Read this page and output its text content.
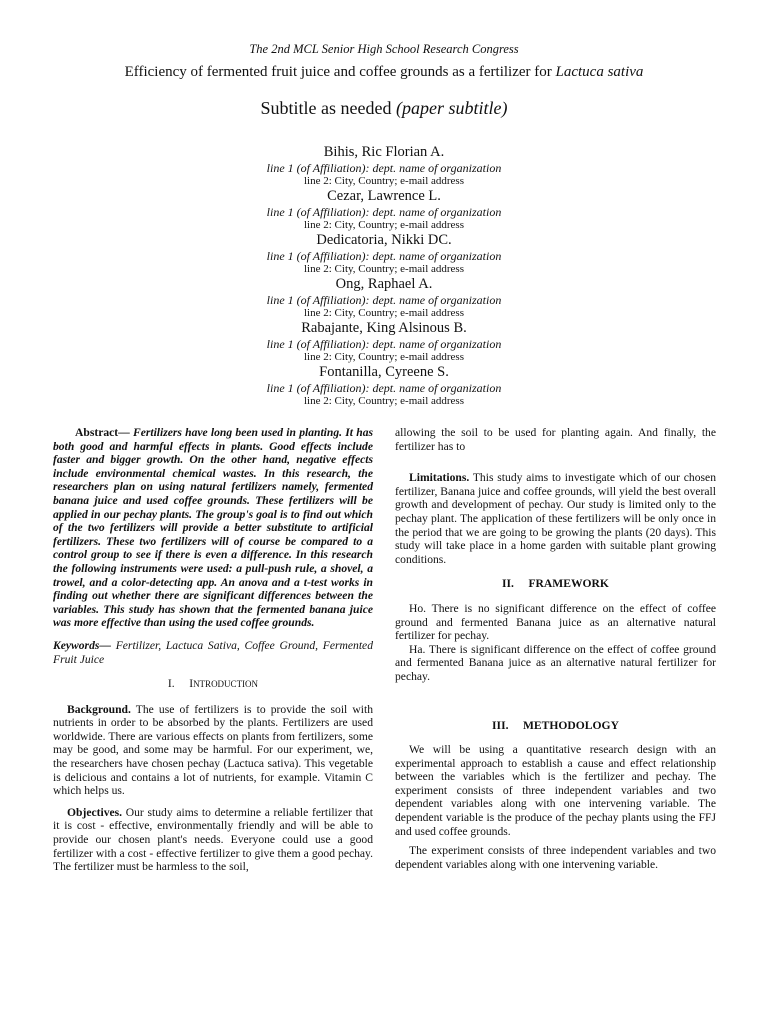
The 2nd MCL Senior High School Research Congress
Efficiency of fermented fruit juice and coffee grounds as a fertilizer for Lactuca sativa
Subtitle as needed (paper subtitle)
Bihis, Ric Florian A.
line 1 (of Affiliation): dept. name of organization
line 2: City, Country; e-mail address
Cezar, Lawrence L.
line 1 (of Affiliation): dept. name of organization
line 2: City, Country; e-mail address
Dedicatoria, Nikki DC.
line 1 (of Affiliation): dept. name of organization
line 2: City, Country; e-mail address
Ong, Raphael A.
line 1 (of Affiliation): dept. name of organization
line 2: City, Country; e-mail address
Rabajante, King Alsinous B.
line 1 (of Affiliation): dept. name of organization
line 2: City, Country; e-mail address
Fontanilla, Cyreene S.
line 1 (of Affiliation): dept. name of organization
line 2: City, Country; e-mail address

Abstract— Fertilizers have long been used in planting. It has both good and harmful effects in plants. Good effects include faster and bigger growth. On the other hand, negative effects include environmental chemical wastes. In this research, the researchers plan on using natural fertilizers namely, fermented banana juice and used coffee grounds. These fertilizers will be applied in our pechay plants. The group's goal is to find out which of the two fertilizers will provide a better substitute to artificial fertilizers. These two fertilizers will of course be compared to a control group to see if there is even a difference. In this research the following instruments were used: a pull-push rule, a shovel, a trowel, and a color-detecting app. An anova and a t-test works in finding out whether there are significant differences between the variables. This study has shown that the fermented banana juice was more effective than using the used coffee grounds.

Keywords— Fertilizer, Lactuca Sativa, Coffee Ground, Fermented Fruit Juice

I. INTRODUCTION

Background. The use of fertilizers is to provide the soil with nutrients in order to be absorbed by the plants. Fertilizers are used worldwide. There are various effects on plants from fertilizers, some may be good, and some may be harmful. For our experiment, we, the researchers have chosen pechay (Lactuca sativa). This vegetable is delicious and contains a lot of nutrients, for example. Vitamin C which helps us.

Objectives. Our study aims to determine a reliable fertilizer that it is cost - effective, environmentally friendly and will be able to provide our chosen plant's needs. Everyone could use a good fertilizer with a cost - effective fertilizer to give them a good pechay. The fertilizer must be harmless to the soil,

allowing the soil to be used for planting again. And finally, the fertilizer has to

Limitations. This study aims to investigate which of our chosen fertilizer, Banana juice and coffee grounds, will yield the best overall growth and development of pechay. Our study is limited only to the pechay plant. The application of these fertilizers will be only once in the period that we are going to be growing the plants (20 days). This study will take place in a home garden with suitable plant growing conditions.

II.     FRAMEWORK

Ho. There is no significant difference on the effect of coffee ground and fermented Banana juice as an alternative natural fertilizer for pechay.

Ha. There is significant difference on the effect of coffee ground and fermented Banana juice as an alternative natural fertilizer for pechay.

III.     METHODOLOGY

We will be using a quantitative research design with an experimental approach to establish a cause and effect relationship between the variables which is the fertilizer and pechay. The experiment consists of three independent variables and two dependent variables along with one intervening variable. The dependent variable is the produce of the pechay plants using the FFJ and used coffee grounds.

The experiment consists of three independent variables and two dependent variables along with one intervening variable.
